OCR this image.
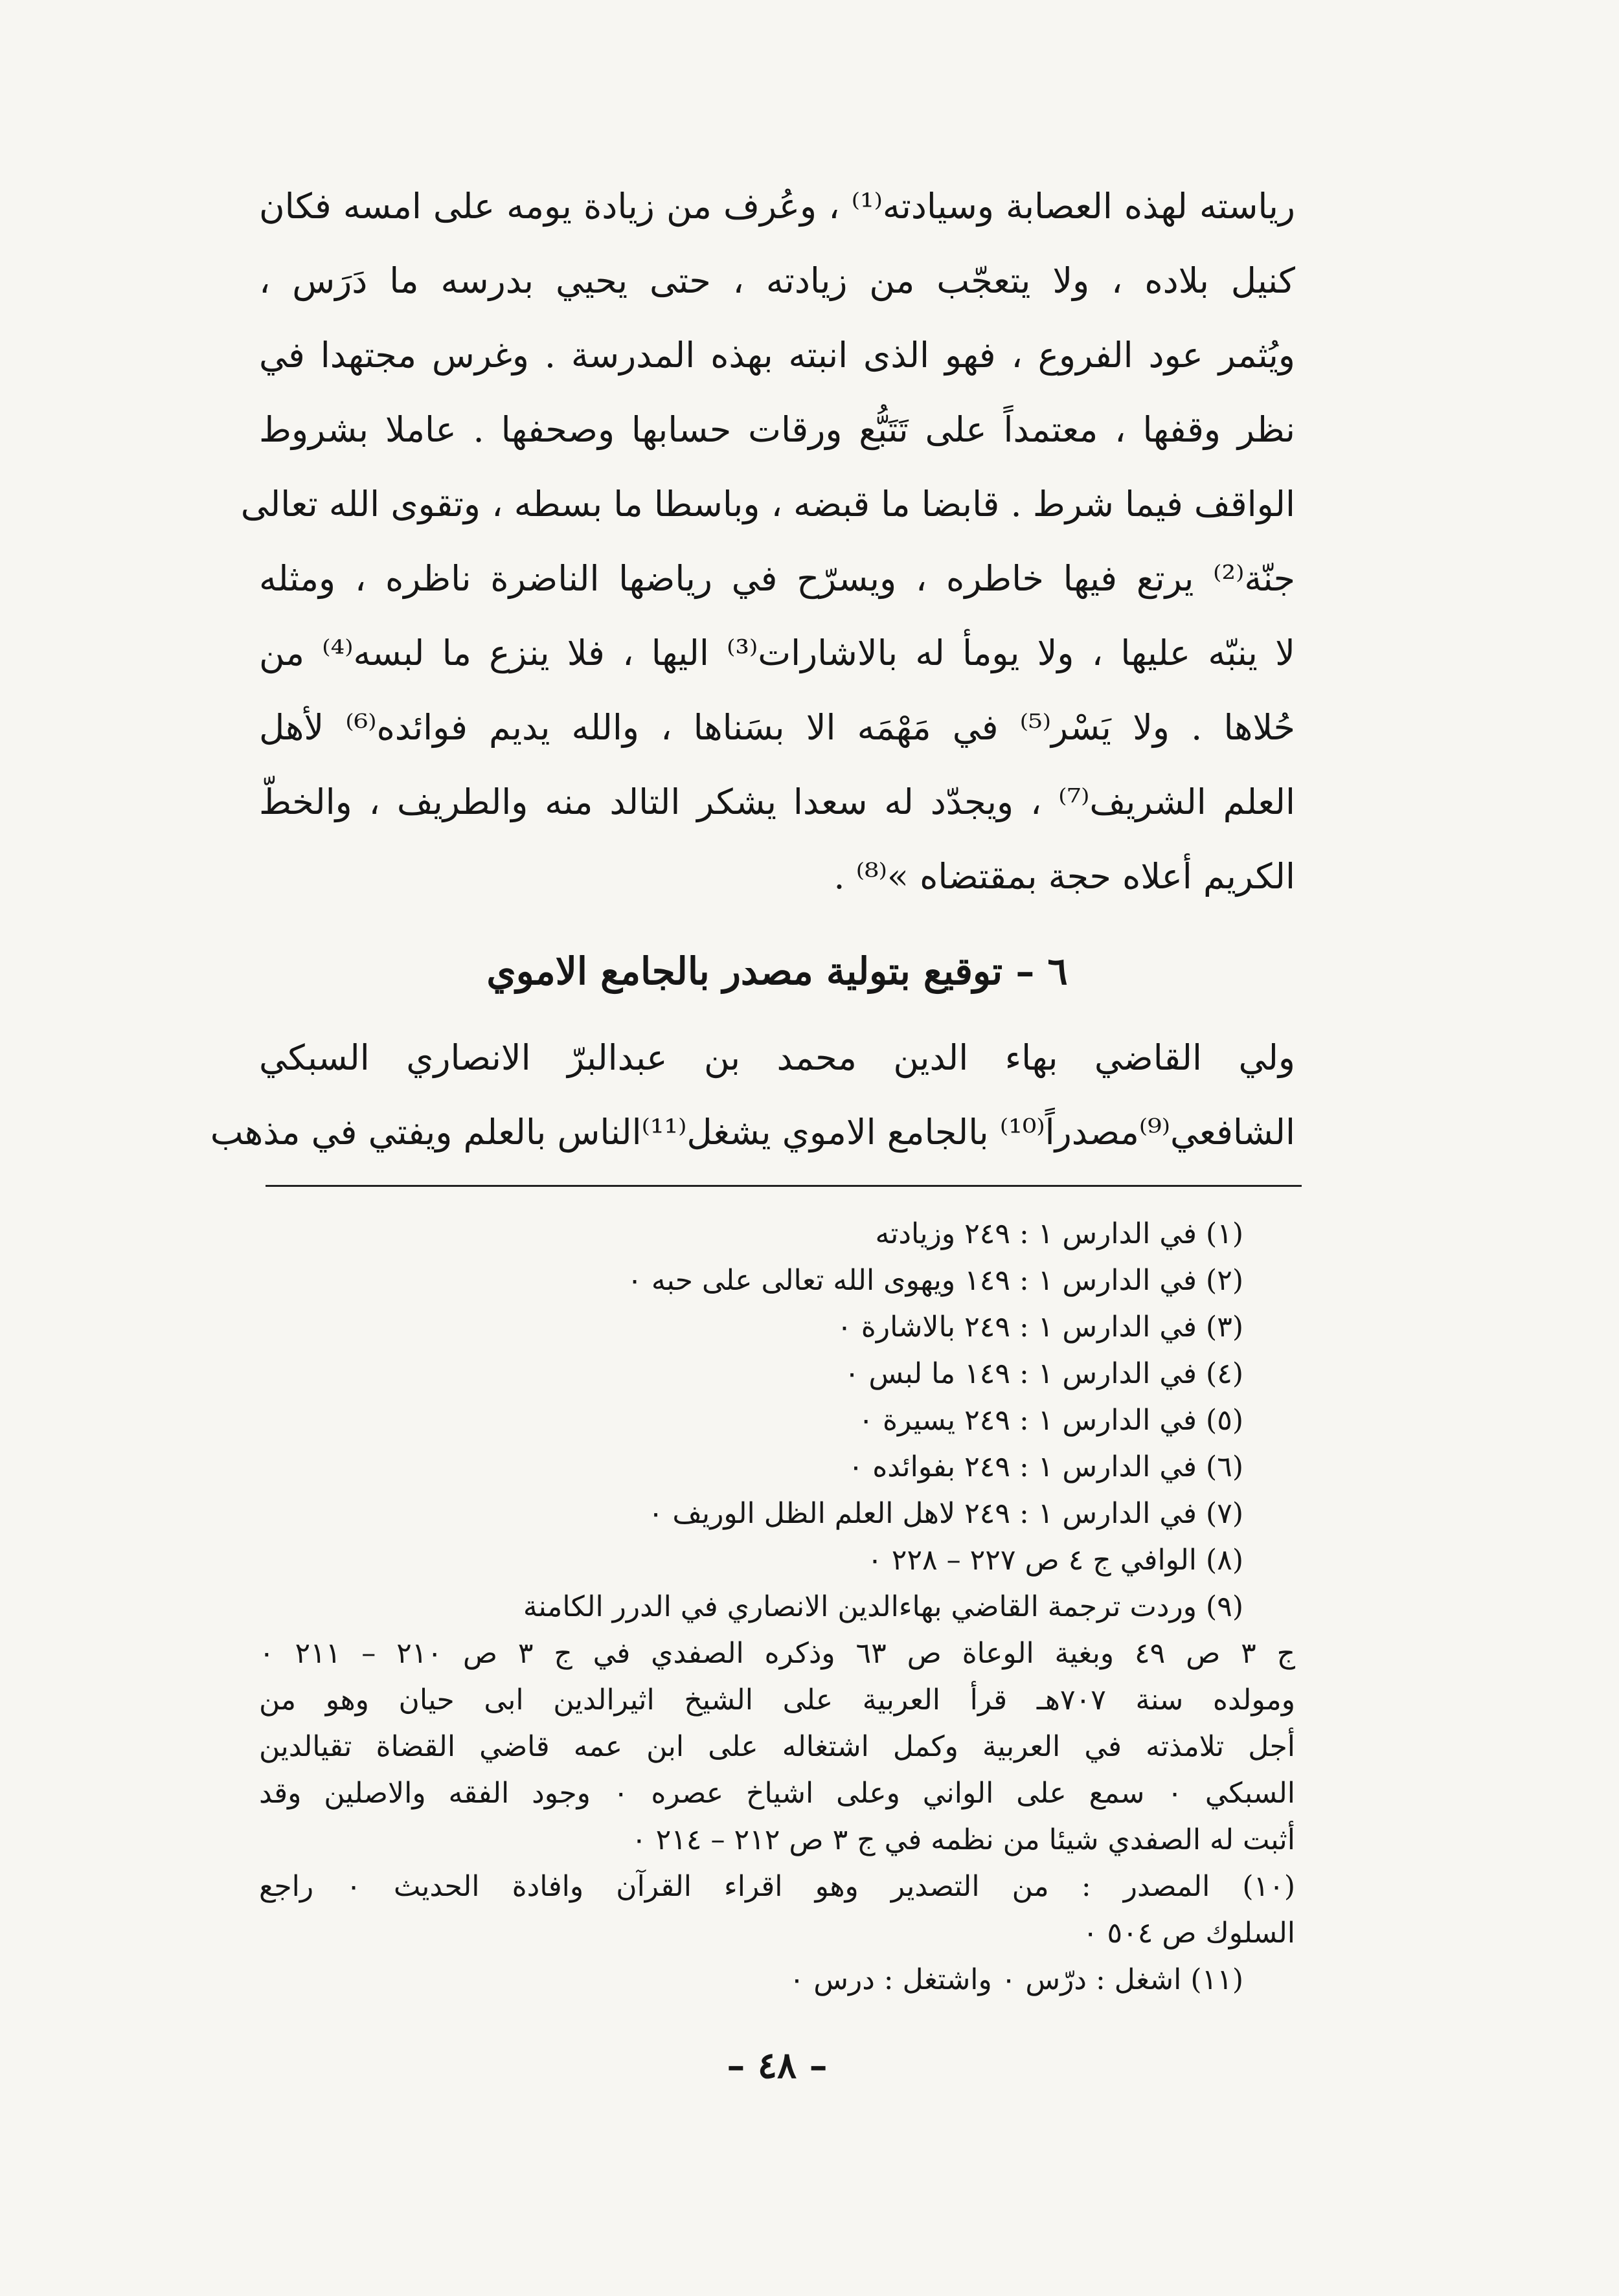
رياسته لهذه العصابة وسيادته⁽¹⁾ ، وعُرف من زيادة يومه على امسه فكان

كنيل بلاده ، ولا يتعجّب من زيادته ، حتى يحيي بدرسه ما دَرَس ،

ويُثمر عود الفروع ، فهو الذى انبته بهذه المدرسة . وغرس مجتهدا في

نظر وقفها ، معتمداً على تَتَبُّع ورقات حسابها وصحفها . عاملا بشروط

الواقف فيما شرط . قابضا ما قبضه ، وباسطا ما بسطه ، وتقوى الله تعالى

جنّة⁽²⁾ يرتع فيها خاطره ، ويسرّح في رياضها الناضرة ناظره ، ومثله

لا ينبّه عليها ، ولا يومأ له بالاشارات⁽³⁾ اليها ، فلا ينزع ما لبسه⁽⁴⁾ من

حُلاها . ولا يَسْر⁽⁵⁾ في مَهْمَه الا بسَناها ، والله يديم فوائده⁽⁶⁾ لأهل

العلم الشريف⁽⁷⁾ ، ويجدّد له سعدا يشكر التالد منه والطريف ، والخطّ

الكريم أعلاه حجة بمقتضاه »⁽⁸⁾ .

٦ – توقيع بتولية مصدر بالجامع الاموي

ولي القاضي بهاء الدين محمد بن عبدالبرّ الانصاري السبكي

الشافعي⁽⁹⁾مصدراً⁽¹⁰⁾ بالجامع الاموي يشغل⁽¹¹⁾الناس بالعلم ويفتي في مذهب

(١) في الدارس ١ : ٢٤٩ وزيادته

(٢) في الدارس ١ : ١٤٩ ويهوى الله تعالى على حبه ٠

(٣) في الدارس ١ : ٢٤٩ بالاشارة ٠

(٤) في الدارس ١ : ١٤٩ ما لبس ٠

(٥) في الدارس ١ : ٢٤٩ يسيرة ٠

(٦) في الدارس ١ : ٢٤٩ بفوائده ٠

(٧) في الدارس ١ : ٢٤٩ لاهل العلم الظل الوريف ٠

(٨) الوافي ج ٤ ص ٢٢٧ – ٢٢٨ ٠

(٩) وردت ترجمة القاضي بهاءالدين الانصاري في الدرر الكامنة

ج ٣ ص ٤٩ وبغية الوعاة ص ٦٣ وذكره الصفدي في ج ٣ ص ٢١٠ – ٢١١ ٠

ومولده سنة ٧٠٧هـ قرأ العربية على الشيخ اثيرالدين ابى حيان وهو من

أجل تلامذته في العربية وكمل اشتغاله على ابن عمه قاضي القضاة تقيالدين

السبكي ٠ سمع على الواني وعلى اشياخ عصره ٠ وجود الفقه والاصلين وقد

أثبت له الصفدي شيئا من نظمه في ج ٣ ص ٢١٢ – ٢١٤ ٠

(١٠) المصدر : من التصدير وهو اقراء القرآن وافادة الحديث ٠ راجع

السلوك ص ٥٠٤ ٠

(١١) اشغل : درّس ٠ واشتغل : درس ٠

– ٤٨ –
